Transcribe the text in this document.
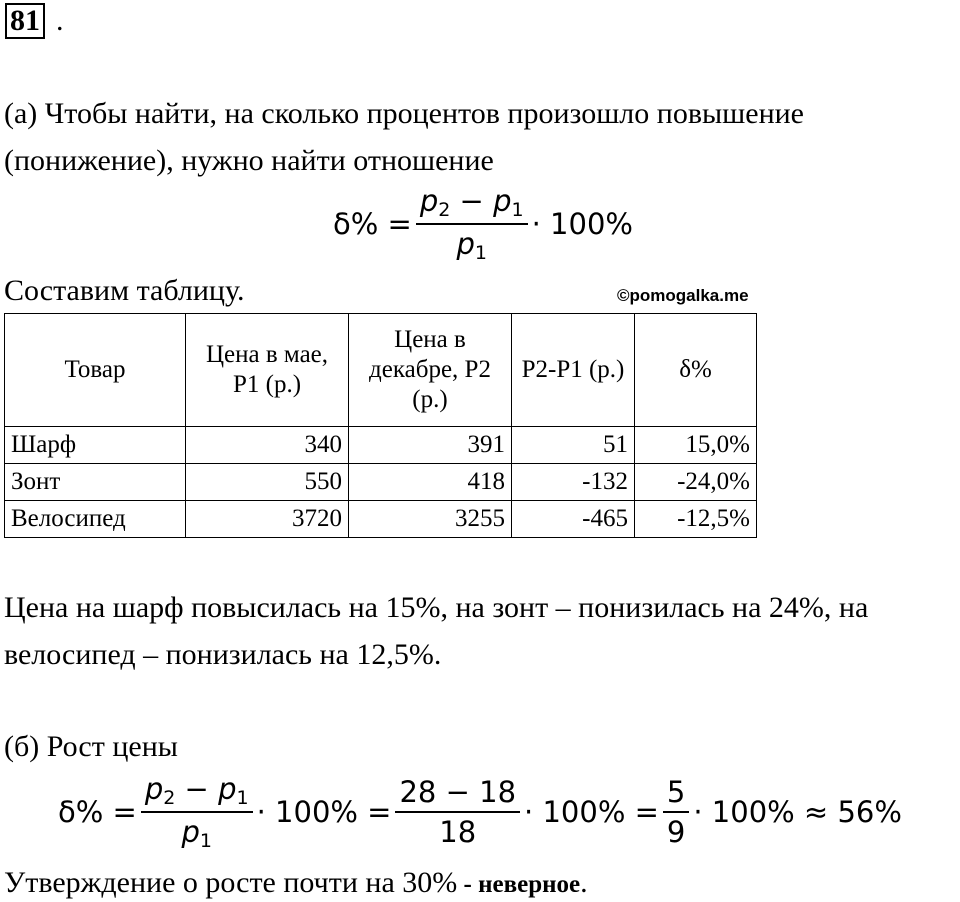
81 .
(а) Чтобы найти, на сколько процентов произошло повышение
(понижение), нужно найти отношение
$\delta\% = \frac{p_2 - p_1}{p_1} \cdot 100\%$
Составим таблицу.	©pomogalka.me
Товар	Цена в мае, P1 (р.)	Цена в декабре, P2 (р.)	P2-P1 (р.)	δ%
Шарф	340	391	51	15,0%
Зонт	550	418	-132	-24,0%
Велосипед	3720	3255	-465	-12,5%
Цена на шарф повысилась на 15%, на зонт – понизилась на 24%, на
велосипед – понизилась на 12,5%.
(б) Рост цены
$\delta\% = \frac{p_2 - p_1}{p_1} \cdot 100\% = \frac{28 - 18}{18} \cdot 100\% = \frac{5}{9} \cdot 100\% \approx 56\%$
Утверждение о росте почти на 30% - неверное.
